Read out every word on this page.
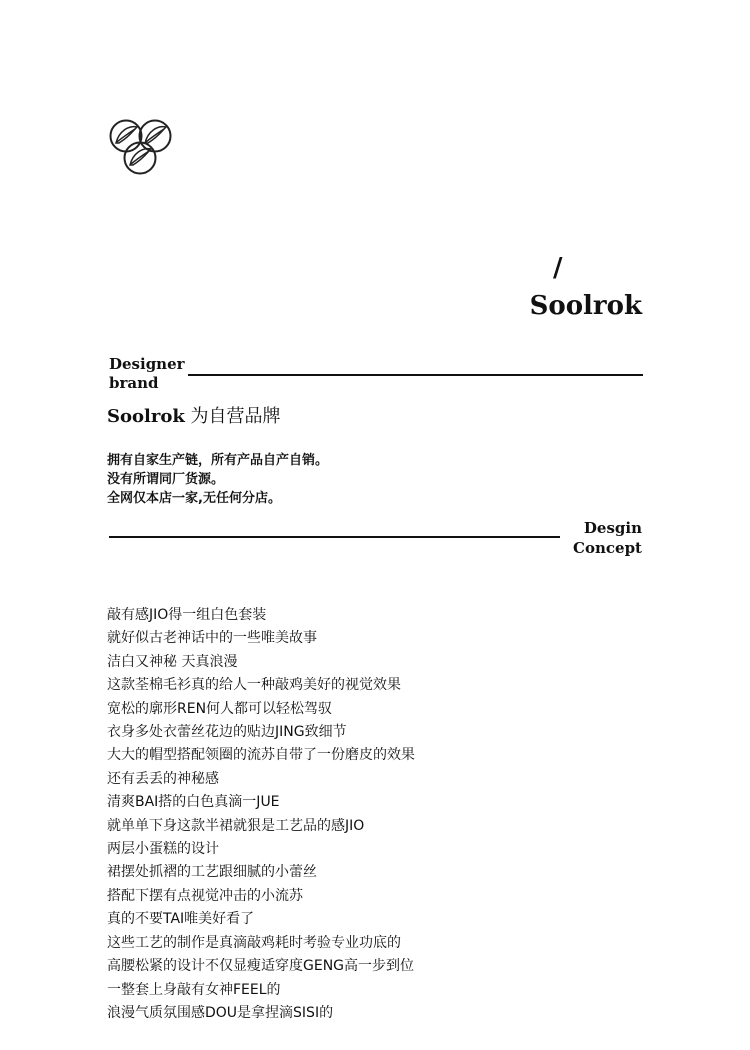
/
Soolrok
Designer
brand
Soolrok 为自营品牌
拥有自家生产链，所有产品自产自销。
没有所谓同厂货源。
全网仅本店一家,无任何分店。
Desgin
Concept
敲有感JIO得一组白色套装
就好似古老神话中的一些唯美故事
洁白又神秘 天真浪漫
这款荃棉毛衫真的给人一种敲鸡美好的视觉效果
宽松的廓形REN何人都可以轻松驾驭
衣身多处衣蕾丝花边的贴边JING致细节
大大的帽型搭配领圈的流苏自带了一份磨皮的效果
还有丢丢的神秘感
清爽BAI搭的白色真滴一JUE
就单单下身这款半裙就狠是工艺品的感JIO
两层小蛋糕的设计
裙摆处抓褶的工艺跟细腻的小蕾丝
搭配下摆有点视觉冲击的小流苏
真的不要TAI唯美好看了
这些工艺的制作是真滴敲鸡耗时考验专业功底的
高腰松紧的设计不仅显瘦适穿度GENG高一步到位
一整套上身敲有女神FEEL的
浪漫气质氛围感DOU是拿捏滴SISI的
